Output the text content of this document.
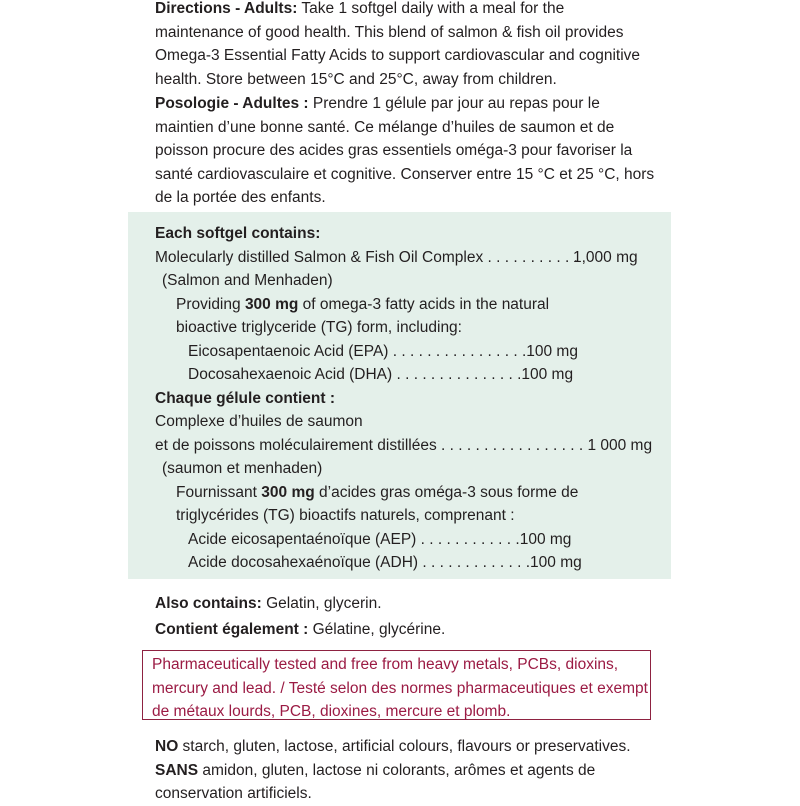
Directions - Adults: Take 1 softgel daily with a meal for the
maintenance of good health. This blend of salmon & fish oil provides
Omega-3 Essential Fatty Acids to support cardiovascular and cognitive
health. Store between 15°C and 25°C, away from children.
Posologie - Adultes : Prendre 1 gélule par jour au repas pour le
maintien d’une bonne santé. Ce mélange d’huiles de saumon et de
poisson procure des acides gras essentiels oméga-3 pour favoriser la
santé cardiovasculaire et cognitive. Conserver entre 15 °C et 25 °C, hors
de la portée des enfants.
Each softgel contains:
Molecularly distilled Salmon & Fish Oil Complex . . . . . . . . . . .
1,000 mg
(Salmon and Menhaden)
Providing 300 mg of omega-3 fatty acids in the natural
bioactive triglyceride (TG) form, including:
Eicosapentaenoic Acid (EPA) . . . . . . . . . . . . . . . .100 mg
Docosahexaenoic Acid (DHA) . . . . . . . . . . . . . . .100 mg
Chaque gélule contient :
Complexe d’huiles de saumon
et de poissons moléculairement distillées . . . . . . . . . . . . . . . . . 1 000 mg
(saumon et menhaden)
Fournissant 300 mg d’acides gras oméga-3 sous forme de
triglycérides (TG) bioactifs naturels, comprenant :
Acide eicosapentaénoïque (AEP) . . . . . . . . . . . .100 mg
Acide docosahexaénoïque (ADH) . . . . . . . . . . . . .100 mg
Also contains: Gelatin, glycerin.
Contient également : Gélatine, glycérine.
Pharmaceutically tested and free from heavy metals, PCBs, dioxins,
mercury and lead. / Testé selon des normes pharmaceutiques et exempt
de métaux lourds, PCB, dioxines, mercure et plomb.
NO starch, gluten, lactose, artificial colours, flavours or preservatives.
SANS amidon, gluten, lactose ni colorants, arômes et agents de
conservation artificiels.
